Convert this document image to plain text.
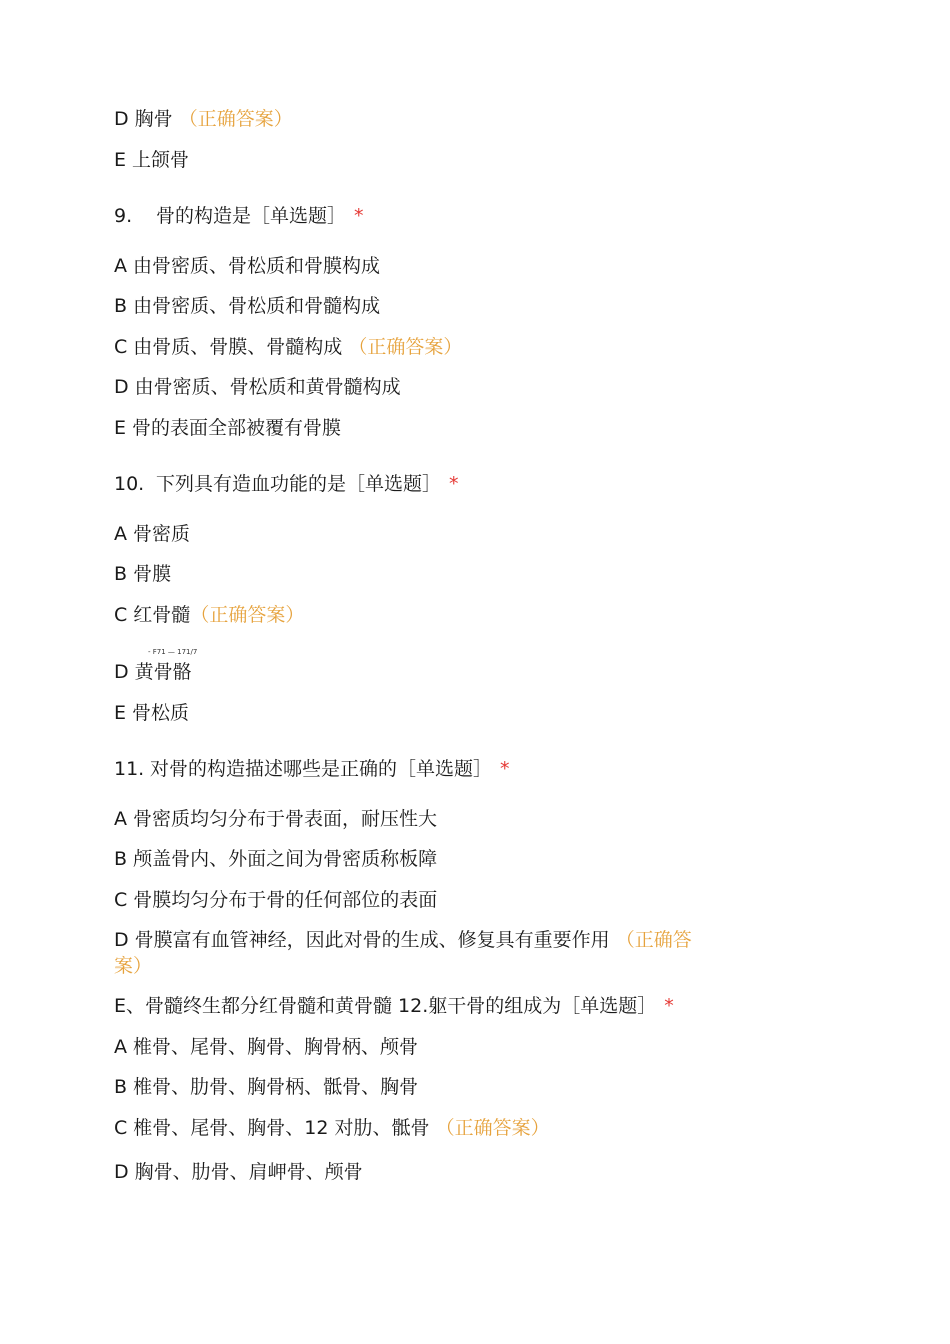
D 胸骨 （正确答案）
E 上颌骨
9. 骨的构造是［单选题］ *
A 由骨密质、骨松质和骨膜构成
B 由骨密质、骨松质和骨髓构成
C 由骨质、骨膜、骨髓构成 （正确答案）
D 由骨密质、骨松质和黄骨髓构成
E 骨的表面全部被覆有骨膜
10. 下列具有造血功能的是［单选题］ *
A 骨密质
B 骨膜
C 红骨髓（正确答案）
- F71 — 171/7
D 黄骨骼
E 骨松质
11. 对骨的构造描述哪些是正确的［单选题］ *
A 骨密质均匀分布于骨表面，耐压性大
B 颅盖骨内、外面之间为骨密质称板障
C 骨膜均匀分布于骨的任何部位的表面
D 骨膜富有血管神经，因此对骨的生成、修复具有重要作用 （正确答
案）
E、骨髓终生都分红骨髓和黄骨髓 12.躯干骨的组成为［单选题］ *
A 椎骨、尾骨、胸骨、胸骨柄、颅骨
B 椎骨、肋骨、胸骨柄、骶骨、胸骨
C 椎骨、尾骨、胸骨、12 对肋、骶骨 （正确答案）
D 胸骨、肋骨、肩岬骨、颅骨
